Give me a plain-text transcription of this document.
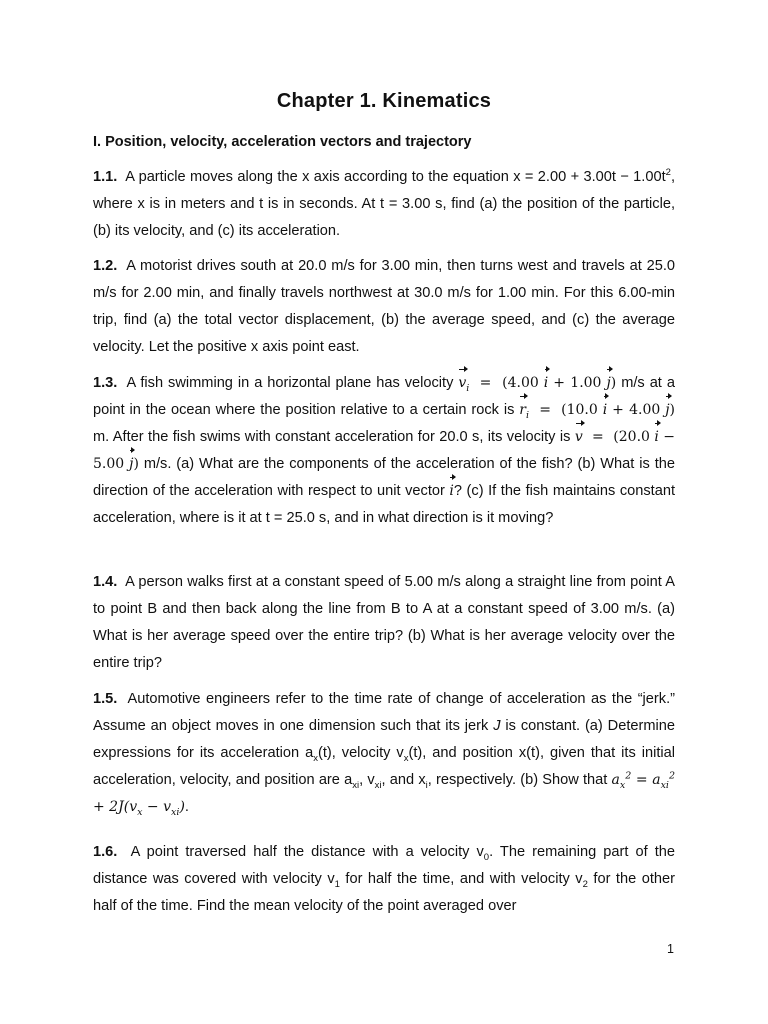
Chapter 1. Kinematics
I. Position, velocity, acceleration vectors and trajectory
1.1. A particle moves along the x axis according to the equation $x = 2.00 + 3.00t - 1.00t^2$, where x is in meters and t is in seconds. At t = 3.00 s, find (a) the position of the particle, (b) its velocity, and (c) its acceleration.
1.2. A motorist drives south at 20.0 m/s for 3.00 min, then turns west and travels at 25.0 m/s for 2.00 min, and finally travels northwest at 30.0 m/s for 1.00 min. For this 6.00-min trip, find (a) the total vector displacement, (b) the average speed, and (c) the average velocity. Let the positive x axis point east.
1.3. A fish swimming in a horizontal plane has velocity $v_i = (4.00$ i + 1.00 j) m/s at a point in the ocean where the position relative to a certain rock is $r_i = (10.0$ i + 4.00 j) m. After the fish swims with constant acceleration for 20.0 s, its velocity is v  =  (20.0 i − 5.00 j) m/s. (a) What are the components of the acceleration of the fish? (b) What is the direction of the acceleration with respect to unit vector i? (c) If the fish maintains constant acceleration, where is it at t = 25.0 s, and in what direction is it moving?
1.4. A person walks first at a constant speed of 5.00 m/s along a straight line from point A to point B and then back along the line from B to A at a constant speed of 3.00 m/s. (a) What is her average speed over the entire trip? (b) What is her average velocity over the entire trip?
1.5. Automotive engineers refer to the time rate of change of acceleration as the “jerk.” Assume an object moves in one dimension such that its jerk J is constant. (a) Determine expressions for its acceleration $a_x(t)$, velocity $v_x(t)$, and position x(t), given that its initial acceleration, velocity, and position are $a_{xi}$, $v_{xi}$, and $x_i$, respectively. (b) Show that $a_x^2 = a_{xi}^2 + 2J(v_x - v_{xi})$.
1.6. A point traversed half the distance with a velocity $v_0$. The remaining part of the distance was covered with velocity $v_1$ for half the time, and with velocity $v_2$ for the other half of the time. Find the mean velocity of the point averaged over
1
